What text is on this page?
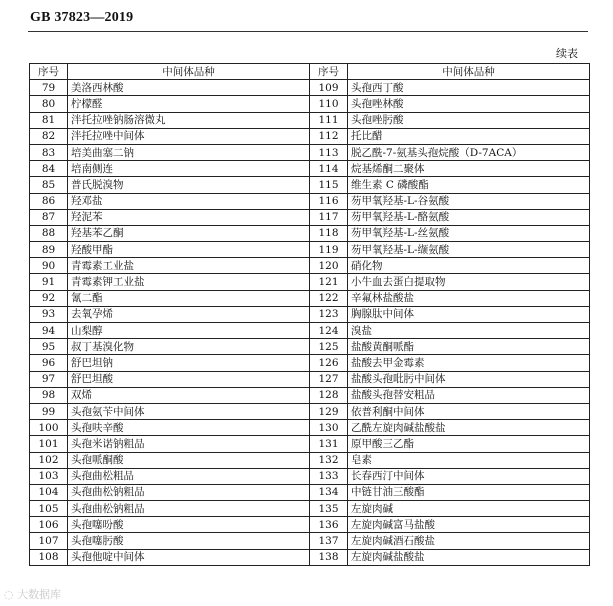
GB 37823—2019
续表
序号	中间体品种	序号	中间体品种
79	美洛西林酸	109	头孢西丁酸
80	柠檬醛	110	头孢唑林酸
81	泮托拉唑钠肠溶微丸	111	头孢唑肟酸
82	泮托拉唑中间体	112	托比醋
83	培美曲塞二钠	113	脱乙酰-7-氨基头孢烷酸（D-7ACA）
84	培南侧连	114	烷基烯酮二聚体
85	普氏脱溴物	115	维生素 C 磷酸酯
86	羟邓盐	116	芴甲氧羟基-L-谷氨酸
87	羟泥苯	117	芴甲氧羟基-L-酪氨酸
88	羟基苯乙酮	118	芴甲氧羟基-L-丝氨酸
89	羟酸甲酯	119	芴甲氧羟基-L-缬氨酸
90	青霉素工业盐	120	硝化物
91	青霉素钾工业盐	121	小牛血去蛋白提取物
92	氰二酯	122	辛氟林盐酸盐
93	去氧孕烯	123	胸腺肽中间体
94	山梨醇	124	溴盐
95	叔丁基溴化物	125	盐酸黄酮哌酯
96	舒巴坦钠	126	盐酸去甲金霉素
97	舒巴坦酸	127	盐酸头孢吡肟中间体
98	双烯	128	盐酸头孢替安粗品
99	头孢氨苄中间体	129	依普利酮中间体
100	头孢呋辛酸	130	乙酰左旋肉碱盐酸盐
101	头孢米诺钠粗品	131	原甲酸三乙酯
102	头孢哌酮酸	132	皂素
103	头孢曲松粗品	133	长春西汀中间体
104	头孢曲松钠粗品	134	中链甘油三酸酯
105	头孢曲松钠粗品	135	左旋肉碱
106	头孢噻吩酸	136	左旋肉碱富马盐酸
107	头孢噻肟酸	137	左旋肉碱酒石酸盐
108	头孢他啶中间体	138	左旋肉碱盐酸盐
◌ 大数据库
